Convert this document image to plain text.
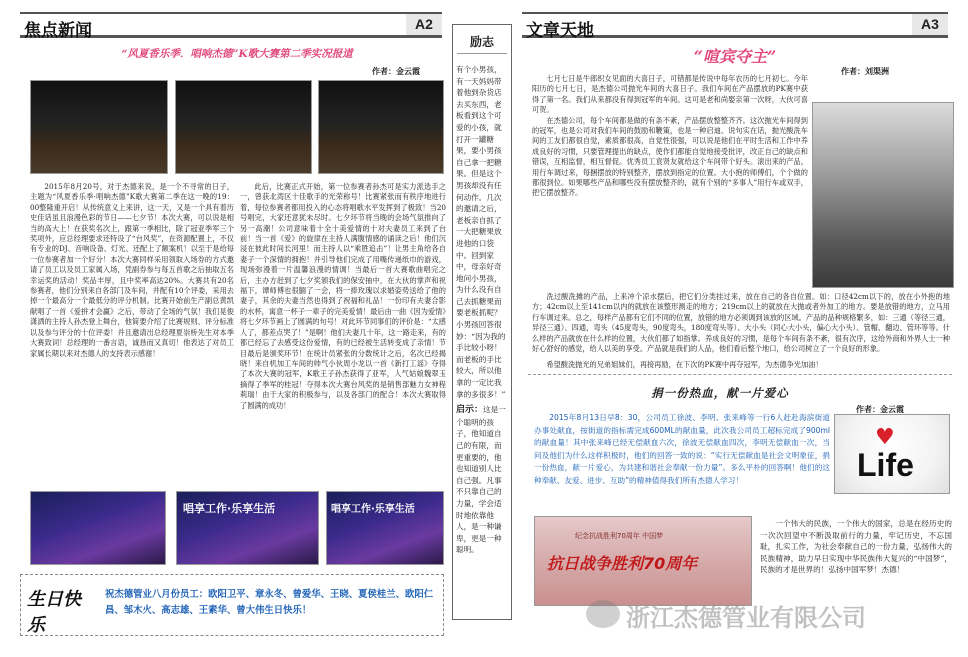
焦点新闻	A2
“风夏香乐季．唱响杰德”K歌大赛第二季实况报道
作者：金云霞

2015年8月20号，对于杰德来说，是一个不寻常的日子，主题为“风夏香乐季·唱响杰德”K歌大赛第二季在这一晚的19：00整隆重开启！从传统意义上来讲，这一天，又是一个具有着历史佳话虽且浪漫色彩的节日——七夕节！本次大赛，可以说是相当的高大上！在获奖名次上，跟第一季相比，除了冠亚季军三个奖项外，应总经理要求还特设了“台风奖”，在资源配置上，不仅有专业的DJ、音响设备、灯光、还配上了额案机！以至于是给每一位参赛者加一个好分！本次大赛同样采用领取入场券的方式邀请了员工以及员工家属入场，凭副券参与每五首歌之后抽取五名幸运奖的活动！奖品丰厚，且中奖率高达20%。大赛共有20名参赛者，他们分别来自各部门及车间，并配有10个评委，采用去掉一个最高分一个最低分的评分机制。比赛开始前生产副总黄凯献唱了一首《爱拼才会赢》之后，带动了全场的气氛！我们晃俊潇洒的主持人孙杰登上舞台，他简要介绍了比赛规则、评分标准以及参与评分的十位评委！并且邀请出总经理夏崇桥先生对本季大赛致词！总经理的一番言语，诚恳而又真切！他表达了对员工家属长期以来对杰德人的支持表示感谢！

此后，比赛正式开始，第一位参赛者孙杰可是实力派选手之一，曾获北湾区十佳歌手的光荣称号！比赛紧张而有秩序地进行着，每位参赛者都用投入的心态将唱歌水平发挥到了极致！当20号唱完，大家还意犹未尽时。七夕环节将当晚的会场气氛推向了另一高潮！公司意味着十全十美爱情的十对夫妻员工来到了台前！当一首《爱》的旋律在主持人满腹情感的诵读之后！他们沉浸在彼此时间长河里！而主持人以“乘胜追击”！让男主角给各自妻子一个深情的拥抱！并引导他们完成了用嘴传递纸巾的游戏，现场弥漫着一片温馨浪漫的情调！当最后一首大赛歌曲唱完之后，主办方赶到了七夕奖颁我们的保安抽中，在大伙的掌声和祝福下，谭师傅也很腼了一会，将一捧玫瑰以求婚姿势送给了他的妻子，其余的夫妻当然也得到了祝福和礼品！一份印有夫妻合影的水杯，寓意一杯子一辈子的完美爱情！最后由一曲《因为爱情》将七夕环节画上了圆满的句号！对此环节同事们的评价是：“太感人了，都差点哭了！”是啊！他们夫妻几十年，这一路走来，有的都已经忘了去感受这份爱情，有的已经被生活转变成了亲情！节目最后是颁奖环节！在统计员紧张的分数统计之后，名次已经揭晓！来自机加工车间的帅气小伙周小龙以一首《新打工谣》夺得了本次大赛的冠军，K歌王子孙杰获得了亚军，人气姑娘魏翠玉摘得了季军的桂冠！夺得本次大赛台风奖的是销售部魅力女神程莉瑞！由于大家的积极参与，以及各部门的配合！本次大赛取得了圆满的成功！

唱享工作·乐享生活	唱享工作·乐享生活
生日快乐
祝杰德管业八月份员工：欧阳卫平、章永冬、曾爱华、王晓、夏侯桂兰、欧阳仁昌、邹木火、高志雄、王素华、曾大伟生日快乐！
励志
有个小男孩，有一天妈妈带着他到杂货店去买东西，老板看到这个可爱的小孩，就打开一罐糖果，要小男孩自己拿一把糖果。但是这个男孩却没有任何动作。几次的邀请之后，老板亲自抓了一大把糖果放进他的口袋中。回到家中，母亲好奇地问小男孩，为什么没有自己去抓糖果而要老板抓呢？小男孩回答很妙：“因为我的手比较小呀！而老板的手比较大，所以他拿的一定比我拿的多很多！”
启示：这是一个聪明的孩子，他知道自己的有限，而更重要的，他也知道别人比自己强。凡事不只靠自己的力量，学会适时地依靠他人，是一种谦卑，更是一种聪明。
文章天地	A3
“喧宾夺主”
作者：刘渠洲

七月七日是牛郎织女见面的大喜日子，可错都是传说中每年农历的七月初七。今年阳历的七月七日，是杰德公司抛光车间的大喜日子。我们车间在产品摆放的PK赛中获得了第一名。我们从来都没有得到冠军的车间。这可是老和尚娶亲第一次呀，大伙可喜可贺。

在杰德公司，每个车间都是做的有条不紊，产品摆放整整齐齐。这次抛光车间得到的冠军，也是公司对我们车间的鼓励和鞭策，也是一种启迪。说句实在话，抛光酸洗车间的工友们都很自觉，素质都很高，自觉性很强，可以说是他们在平时生活和工作中养成良好的习惯，只要管理提出的缺点，使作们都能自觉地接受批评，改正自己的缺点和错误，互相监督，相互督促。优秀员工袁贤友就给这个车间带个好头。滚出来的产品，用行车调过来，每捆摆放的特别整齐，摆放到指定的位置。大小抱的师傅们，个个做的都很到位。如果哪些产品和哪些没有摆放整齐的，就有个别的“多事人”用行车或双手，把它摆放整齐。

洗过酸洗摊的产品，上来冲个凉水摆后，把它们分类挂过来，放在自己的各自位置。如：口径42cm以下的，放在小外抱的地方；42cm以上至141cm以内的就放在该整形测走的地方；219cm以上的就放在大抛或者外加工的地方。要是放错的地方，立马用行车调过来。总之，每样产品都有它们不同的位置，放错的地方必须调到该放的区域。产品的品种规格繁多，如：三通（等径三通，异径三通）、四通，弯头（45度弯头，90度弯头，180度弯头等）、大小头（同心大小头，偏心大小头）、管帽、翻边、管环等等。什么样的产品就放在什么样的位置，大伙们都了如指掌。养成良好的习惯，是每个车间有条不紊，很有次序，这给外商和外界人士一种好心舒好的感觉，给人以美的享受。产品就是我们的人品，他们看后整个地口，给公司树立了一个良好的形象。

希望酸洗抛光的兄弟姐妹们，再接再励，在下次的PK赛中再夺冠军，为杰德争光加油！

捐一份热血，献一片爱心
作者：金云霞

2015年8月13日早8：30，公司员工徐波、李明、张来峰等一行6人赶赴海滨街道办事处献血，按街道的指标需完成600ML的献血量，此次我公司员工超标完成了900ml的献血量！其中张来峰已经无偿献血六次，徐波无偿献血四次，李明无偿献血一次，当问及他们为什么这样积极时，他们的回答一致的说：“实行无偿献血是社会文明象征，捐一份热血，献一片爱心，为共建和谐社会奉献一份力量”。多么平朴的回答啊！他们的这种奉献、友爱、进步、互助”的精神值得我们所有杰德人学习！

♥
Life
纪念抗战胜利70周年 中国梦
抗日战争胜利70周年

一个伟大的民族，一个伟大的国家，总是在经历史的一次次回望中不断汲取前行的力量，牢记历史，不忘国耻，扎实工作，为社会奉献自己的一份力量，弘扬伟大的民族精神，助力早日实现中华民族伟大复兴的“中国梦”，民族的才是世界的！弘扬中国军梦！杰德！

浙江杰德管业有限公司
